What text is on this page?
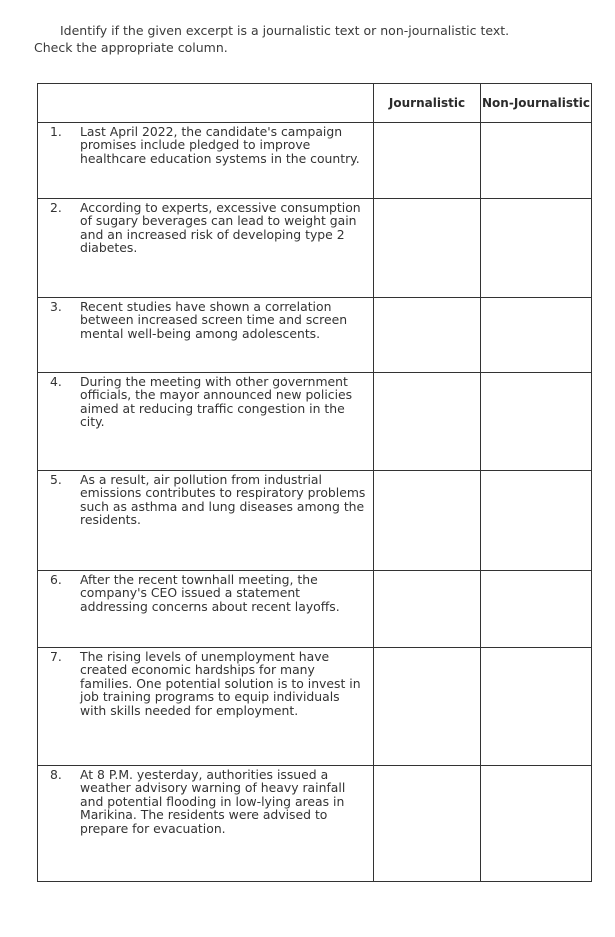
Identify if the given excerpt is a journalistic text or non-journalistic text.
Check the appropriate column.
	Journalistic	Non-Journalistic

1. Last April 2022, the candidate's campaign promises include pledged to improve healthcare education systems in the country.		

2. According to experts, excessive consumption of sugary beverages can lead to weight gain and an increased risk of developing type 2 diabetes.		

3. Recent studies have shown a correlation between increased screen time and screen mental well-being among adolescents.		

4. During the meeting with other government officials, the mayor announced new policies aimed at reducing traffic congestion in the city.		

5. As a result, air pollution from industrial emissions contributes to respiratory problems such as asthma and lung diseases among the residents.		

6. After the recent townhall meeting, the company's CEO issued a statement addressing concerns about recent layoffs.		

7. The rising levels of unemployment have created economic hardships for many families. One potential solution is to invest in job training programs to equip individuals with skills needed for employment.		

8. At 8 P.M. yesterday, authorities issued a weather advisory warning of heavy rainfall and potential flooding in low-lying areas in Marikina. The residents were advised to prepare for evacuation.		
